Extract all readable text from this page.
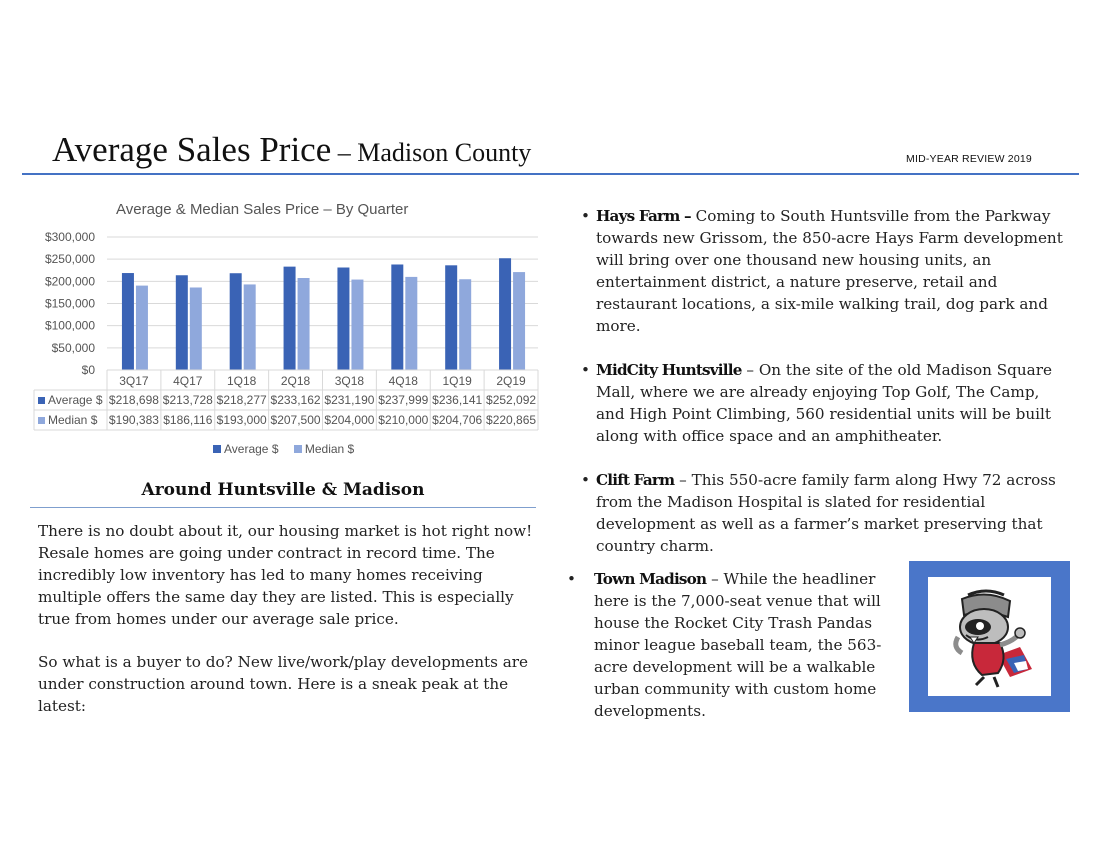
Average Sales Price – Madison County	MID-YEAR REVIEW 2019
Average & Median Sales Price – By Quarter
$300,000
$250,000
$200,000
$150,000
$100,000
$50,000
$0
3Q17 4Q17 1Q18 2Q18 3Q18 4Q18 1Q19 2Q19
Average $ $218,698 $213,728 $218,277 $233,162 $231,190 $237,999 $236,141 $252,092
Median $ $190,383 $186,116 $193,000 $207,500 $204,000 $210,000 $204,706 $220,865
Average $ Median $
Around Huntsville & Madison
There is no doubt about it, our housing market is hot right now! Resale homes are going under contract in record time. The incredibly low inventory has led to many homes receiving multiple offers the same day they are listed. This is especially true from homes under our average sale price.
So what is a buyer to do? New live/work/play developments are under construction around town. Here is a sneak peak at the latest:
• Hays Farm – Coming to South Huntsville from the Parkway towards new Grissom, the 850-acre Hays Farm development will bring over one thousand new housing units, an entertainment district, a nature preserve, retail and restaurant locations, a six-mile walking trail, dog park and more.
• MidCity Huntsville – On the site of the old Madison Square Mall, where we are already enjoying Top Golf, The Camp, and High Point Climbing, 560 residential units will be built along with office space and an amphitheater.
• Clift Farm – This 550-acre family farm along Hwy 72 across from the Madison Hospital is slated for residential development as well as a farmer’s market preserving that country charm.
• Town Madison – While the headliner here is the 7,000-seat venue that will house the Rocket City Trash Pandas minor league baseball team, the 563-acre development will be a walkable urban community with custom home developments.
